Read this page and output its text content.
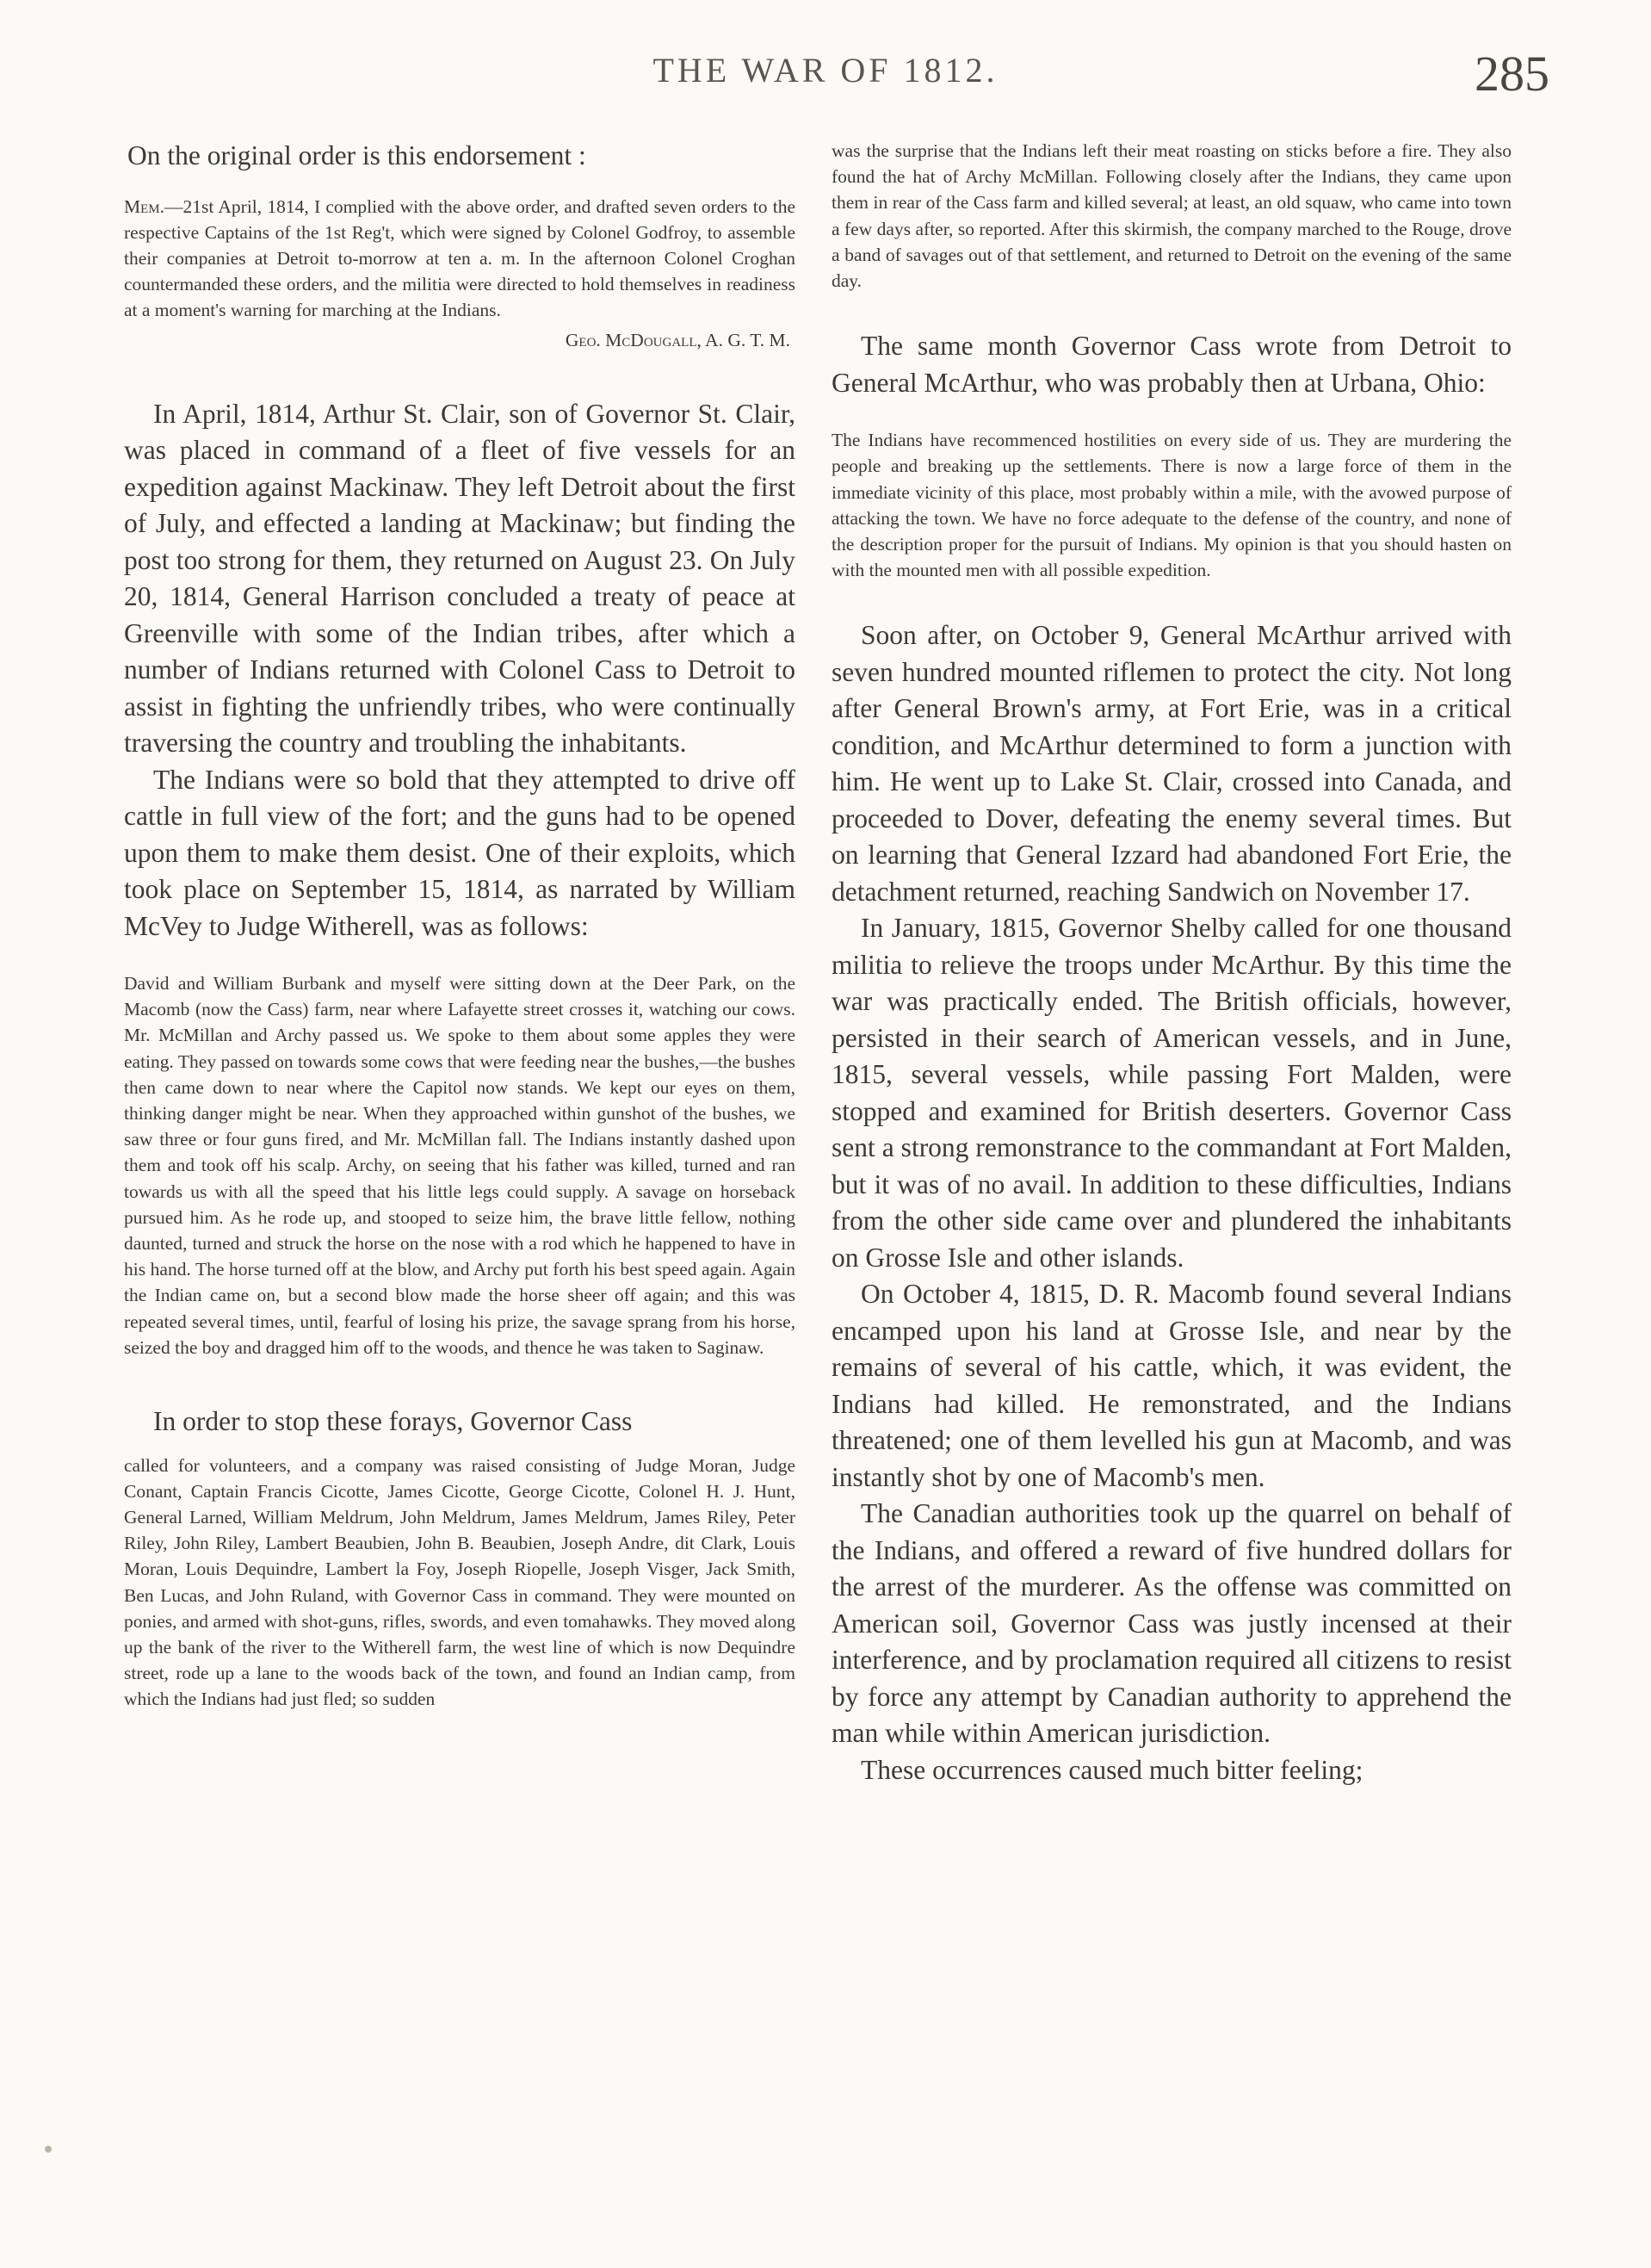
THE WAR OF 1812.	285

On the original order is this endorsement :

Mem.—21st April, 1814, I complied with the above order, and drafted seven orders to the respective Captains of the 1st Reg't, which were signed by Colonel Godfroy, to assemble their companies at Detroit to-morrow at ten a. m. In the afternoon Colonel Croghan countermanded these orders, and the militia were directed to hold themselves in readiness at a moment's warning for marching at the Indians.

Geo. McDougall, A. G. T. M.

In April, 1814, Arthur St. Clair, son of Governor St. Clair, was placed in command of a fleet of five vessels for an expedition against Mackinaw. They left Detroit about the first of July, and effected a landing at Mackinaw; but finding the post too strong for them, they returned on August 23. On July 20, 1814, General Harrison concluded a treaty of peace at Greenville with some of the Indian tribes, after which a number of Indians returned with Colonel Cass to Detroit to assist in fighting the unfriendly tribes, who were continually traversing the country and troubling the inhabitants.

The Indians were so bold that they attempted to drive off cattle in full view of the fort; and the guns had to be opened upon them to make them desist. One of their exploits, which took place on September 15, 1814, as narrated by William McVey to Judge Witherell, was as follows:

David and William Burbank and myself were sitting down at the Deer Park, on the Macomb (now the Cass) farm, near where Lafayette street crosses it, watching our cows. Mr. McMillan and Archy passed us. We spoke to them about some apples they were eating. They passed on towards some cows that were feeding near the bushes,—the bushes then came down to near where the Capitol now stands. We kept our eyes on them, thinking danger might be near. When they approached within gunshot of the bushes, we saw three or four guns fired, and Mr. McMillan fall. The Indians instantly dashed upon them and took off his scalp. Archy, on seeing that his father was killed, turned and ran towards us with all the speed that his little legs could supply. A savage on horseback pursued him. As he rode up, and stooped to seize him, the brave little fellow, nothing daunted, turned and struck the horse on the nose with a rod which he happened to have in his hand. The horse turned off at the blow, and Archy put forth his best speed again. Again the Indian came on, but a second blow made the horse sheer off again; and this was repeated several times, until, fearful of losing his prize, the savage sprang from his horse, seized the boy and dragged him off to the woods, and thence he was taken to Saginaw.

In order to stop these forays, Governor Cass

called for volunteers, and a company was raised consisting of Judge Moran, Judge Conant, Captain Francis Cicotte, James Cicotte, George Cicotte, Colonel H. J. Hunt, General Larned, William Meldrum, John Meldrum, James Meldrum, James Riley, Peter Riley, John Riley, Lambert Beaubien, John B. Beaubien, Joseph Andre, dit Clark, Louis Moran, Louis Dequindre, Lambert la Foy, Joseph Riopelle, Joseph Visger, Jack Smith, Ben Lucas, and John Ruland, with Governor Cass in command. They were mounted on ponies, and armed with shot-guns, rifles, swords, and even tomahawks. They moved along up the bank of the river to the Witherell farm, the west line of which is now Dequindre street, rode up a lane to the woods back of the town, and found an Indian camp, from which the Indians had just fled; so sudden

was the surprise that the Indians left their meat roasting on sticks before a fire. They also found the hat of Archy McMillan. Following closely after the Indians, they came upon them in rear of the Cass farm and killed several; at least, an old squaw, who came into town a few days after, so reported. After this skirmish, the company marched to the Rouge, drove a band of savages out of that settlement, and returned to Detroit on the evening of the same day.

The same month Governor Cass wrote from Detroit to General McArthur, who was probably then at Urbana, Ohio:

The Indians have recommenced hostilities on every side of us. They are murdering the people and breaking up the settlements. There is now a large force of them in the immediate vicinity of this place, most probably within a mile, with the avowed purpose of attacking the town. We have no force adequate to the defense of the country, and none of the description proper for the pursuit of Indians. My opinion is that you should hasten on with the mounted men with all possible expedition.

Soon after, on October 9, General McArthur arrived with seven hundred mounted riflemen to protect the city. Not long after General Brown's army, at Fort Erie, was in a critical condition, and McArthur determined to form a junction with him. He went up to Lake St. Clair, crossed into Canada, and proceeded to Dover, defeating the enemy several times. But on learning that General Izzard had abandoned Fort Erie, the detachment returned, reaching Sandwich on November 17.

In January, 1815, Governor Shelby called for one thousand militia to relieve the troops under McArthur. By this time the war was practically ended. The British officials, however, persisted in their search of American vessels, and in June, 1815, several vessels, while passing Fort Malden, were stopped and examined for British deserters. Governor Cass sent a strong remonstrance to the commandant at Fort Malden, but it was of no avail. In addition to these difficulties, Indians from the other side came over and plundered the inhabitants on Grosse Isle and other islands.

On October 4, 1815, D. R. Macomb found several Indians encamped upon his land at Grosse Isle, and near by the remains of several of his cattle, which, it was evident, the Indians had killed. He remonstrated, and the Indians threatened; one of them levelled his gun at Macomb, and was instantly shot by one of Macomb's men.

The Canadian authorities took up the quarrel on behalf of the Indians, and offered a reward of five hundred dollars for the arrest of the murderer. As the offense was committed on American soil, Governor Cass was justly incensed at their interference, and by proclamation required all citizens to resist by force any attempt by Canadian authority to apprehend the man while within American jurisdiction.

These occurrences caused much bitter feeling;
